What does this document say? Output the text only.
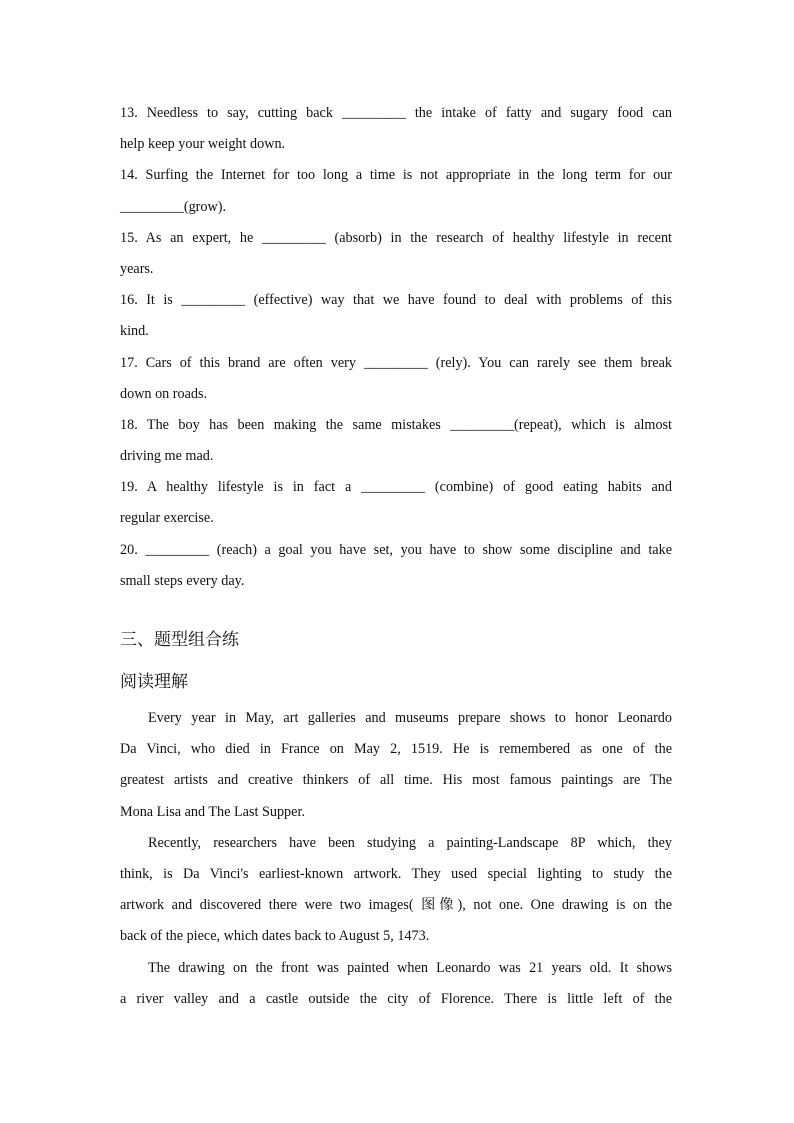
13. Needless to say, cutting back _________ the intake of fatty and sugary food can
help keep your weight down.
14. Surfing the Internet for too long a time is not appropriate in the long term for our
_________(grow).
15. As an expert, he _________ (absorb) in the research of healthy lifestyle in recent
years.
16. It is _________ (effective) way that we have found to deal with problems of this
kind.
17. Cars of this brand are often very _________ (rely). You can rarely see them break
down on roads.
18. The boy has been making the same mistakes _________(repeat), which is almost
driving me mad.
19. A healthy lifestyle is in fact a _________ (combine) of good eating habits and
regular exercise.
20. _________ (reach) a goal you have set, you have to show some discipline and take
small steps every day.
三、题型组合练
阅读理解
Every year in May, art galleries and museums prepare shows to honor Leonardo
Da Vinci, who died in France on May 2, 1519. He is remembered as one of the
greatest artists and creative thinkers of all time. His most famous paintings are The
Mona Lisa and The Last Supper.
Recently, researchers have been studying a painting-Landscape 8P which, they
think, is Da Vinci's earliest-known artwork. They used special lighting to study the
artwork and discovered there were two images( 图像), not one. One drawing is on the
back of the piece, which dates back to August 5, 1473.
The drawing on the front was painted when Leonardo was 21 years old. It shows
a river valley and a castle outside the city of Florence. There is little left of the
